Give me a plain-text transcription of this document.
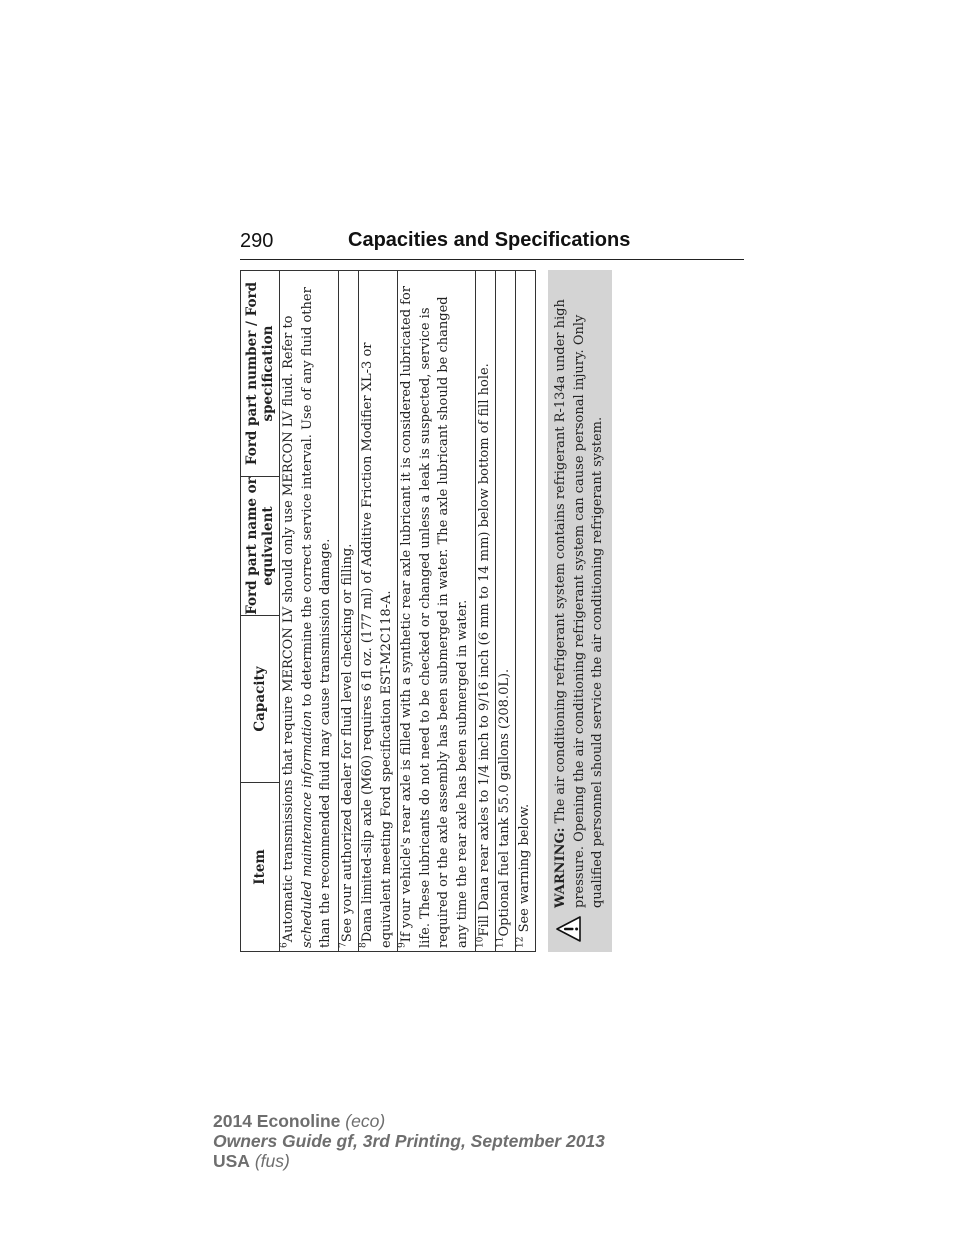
290	Capacities and Specifications
Item
Capacity
Ford part name or equivalent
Ford part number / Ford specification
$^6$Automatic transmissions that require MERCON LV should only use MERCON LV fluid. Refer to scheduled maintenance information to determine the correct service interval. Use of any fluid other than the recommended fluid may cause transmission damage. $^7$See your authorized dealer for fluid level checking or filling.
$^8$Dana limited-slip axle (M60) requires 6 fl oz. (177 ml) of Additive Friction Modifier XL-3 or equivalent meeting Ford specification EST-M2C118-A. $^9$If your vehicle's rear axle is filled with a synthetic rear axle lubricant it is considered lubricated for life. These lubricants do not need to be checked or changed unless a leak is suspected, service is required or the axle assembly has been submerged in water. The axle lubricant should be changed any time the rear axle has been submerged in water. $^{10}$Fill Dana rear axles to 1/4 inch to 9/16 inch (6 mm to 14 mm) below bottom of fill hole.
$^{11}$Optional fuel tank 55.0 gallons (208.0L).
$^{12}$ See warning below.	WARNING: The air conditioning refrigerant system contains refrigerant R-134a under high pressure. Opening the air conditioning refrigerant system can cause personal injury. Only qualified personnel should service the air conditioning refrigerant system.
2014 Econoline (eco)
Owners Guide gf, 3rd Printing, September 2013
USA (fus)
